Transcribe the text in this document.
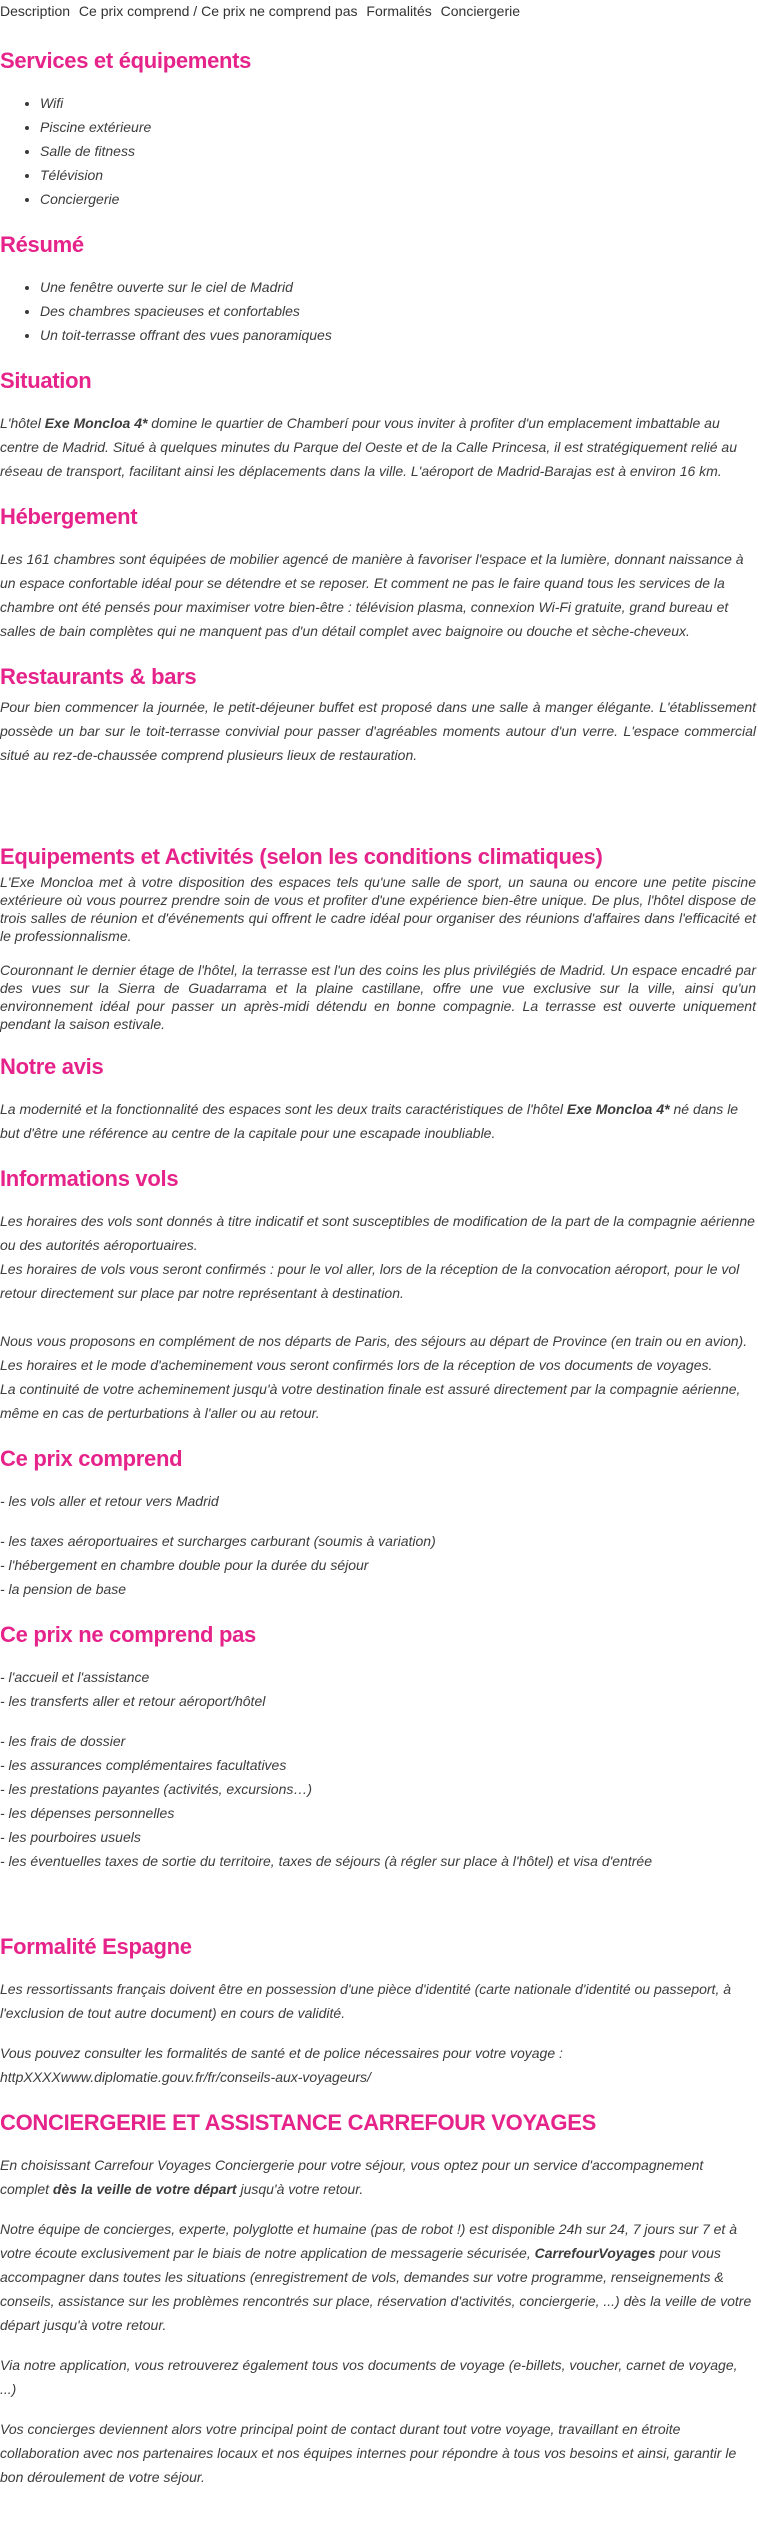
Description Ce prix comprend / Ce prix ne comprend pas Formalités Conciergerie
Services et équipements
• Wifi
• Piscine extérieure
• Salle de fitness
• Télévision
• Conciergerie
Résumé
• Une fenêtre ouverte sur le ciel de Madrid
• Des chambres spacieuses et confortables
• Un toit-terrasse offrant des vues panoramiques
Situation

L'hôtel Exe Moncloa 4* domine le quartier de Chamberí pour vous inviter à profiter d'un emplacement imbattable au centre de Madrid. Situé à quelques minutes du Parque del Oeste et de la Calle Princesa, il est stratégiquement relié au réseau de transport, facilitant ainsi les déplacements dans la ville. L'aéroport de Madrid-Barajas est à environ 16 km.

Hébergement

Les 161 chambres sont équipées de mobilier agencé de manière à favoriser l'espace et la lumière, donnant naissance à un espace confortable idéal pour se détendre et se reposer. Et comment ne pas le faire quand tous les services de la chambre ont été pensés pour maximiser votre bien-être : télévision plasma, connexion Wi-Fi gratuite, grand bureau et salles de bain complètes qui ne manquent pas d'un détail complet avec baignoire ou douche et sèche-cheveux.

Restaurants & bars

Pour bien commencer la journée, le petit-déjeuner buffet est proposé dans une salle à manger élégante. L'établissement possède un bar sur le toit-terrasse convivial pour passer d'agréables moments autour d'un verre. L'espace commercial situé au rez-de-chaussée comprend plusieurs lieux de restauration.

Equipements et Activités (selon les conditions climatiques)

L'Exe Moncloa met à votre disposition des espaces tels qu'une salle de sport, un sauna ou encore une petite piscine extérieure où vous pourrez prendre soin de vous et profiter d'une expérience bien-être unique. De plus, l'hôtel dispose de trois salles de réunion et d'événements qui offrent le cadre idéal pour organiser des réunions d'affaires dans l'efficacité et le professionnalisme.

Couronnant le dernier étage de l'hôtel, la terrasse est l'un des coins les plus privilégiés de Madrid. Un espace encadré par des vues sur la Sierra de Guadarrama et la plaine castillane, offre une vue exclusive sur la ville, ainsi qu'un environnement idéal pour passer un après-midi détendu en bonne compagnie. La terrasse est ouverte uniquement pendant la saison estivale.

Notre avis

La modernité et la fonctionnalité des espaces sont les deux traits caractéristiques de l'hôtel Exe Moncloa 4* né dans le but d'être une référence au centre de la capitale pour une escapade inoubliable.

Informations vols
Les horaires des vols sont donnés à titre indicatif et sont susceptibles de modification de la part de la compagnie aérienne ou des autorités aéroportuaires.
Les horaires de vols vous seront confirmés : pour le vol aller, lors de la réception de la convocation aéroport, pour le vol retour directement sur place par notre représentant à destination.
Nous vous proposons en complément de nos départs de Paris, des séjours au départ de Province (en train ou en avion).
Les horaires et le mode d'acheminement vous seront confirmés lors de la réception de vos documents de voyages.
La continuité de votre acheminement jusqu'à votre destination finale est assuré directement par la compagnie aérienne, même en cas de perturbations à l'aller ou au retour.
Ce prix comprend
- les vols aller et retour vers Madrid
- les taxes aéroportuaires et surcharges carburant (soumis à variation)
- l'hébergement en chambre double pour la durée du séjour
- la pension de base
Ce prix ne comprend pas
- l'accueil et l'assistance
- les transferts aller et retour aéroport/hôtel
- les frais de dossier
- les assurances complémentaires facultatives
- les prestations payantes (activités, excursions…)
- les dépenses personnelles
- les pourboires usuels
- les éventuelles taxes de sortie du territoire, taxes de séjours (à régler sur place à l'hôtel) et visa d'entrée
Formalité Espagne

Les ressortissants français doivent être en possession d'une pièce d'identité (carte nationale d'identité ou passeport, à l'exclusion de tout autre document) en cours de validité.

Vous pouvez consulter les formalités de santé et de police nécessaires pour votre voyage :
httpXXXXwww.diplomatie.gouv.fr/fr/conseils-aux-voyageurs/

CONCIERGERIE ET ASSISTANCE CARREFOUR VOYAGES

En choisissant Carrefour Voyages Conciergerie pour votre séjour, vous optez pour un service d'accompagnement complet dès la veille de votre départ jusqu'à votre retour.

Notre équipe de concierges, experte, polyglotte et humaine (pas de robot !) est disponible 24h sur 24, 7 jours sur 7 et à votre écoute exclusivement par le biais de notre application de messagerie sécurisée, CarrefourVoyages pour vous accompagner dans toutes les situations (enregistrement de vols, demandes sur votre programme, renseignements & conseils, assistance sur les problèmes rencontrés sur place, réservation d'activités, conciergerie, ...) dès la veille de votre départ jusqu'à votre retour.

Via notre application, vous retrouverez également tous vos documents de voyage (e-billets, voucher, carnet de voyage, ...)

Vos concierges deviennent alors votre principal point de contact durant tout votre voyage, travaillant en étroite collaboration avec nos partenaires locaux et nos équipes internes pour répondre à tous vos besoins et ainsi, garantir le bon déroulement de votre séjour.
